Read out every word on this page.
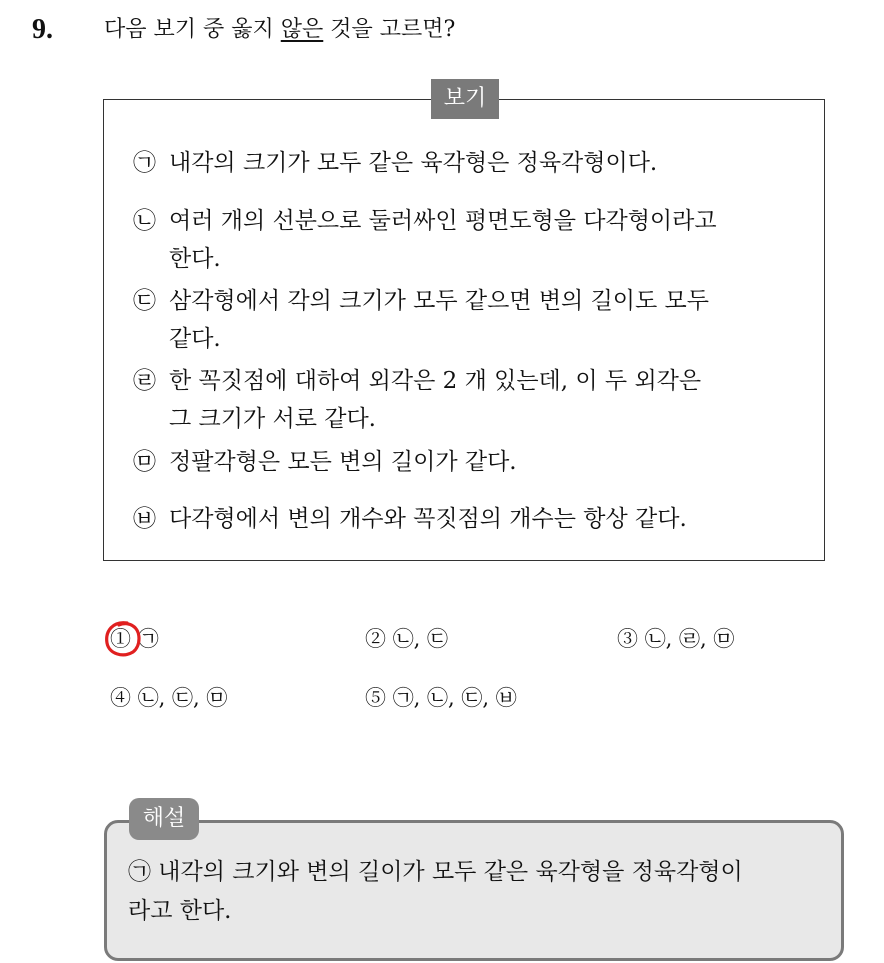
9. 다음 보기 중 옳지 않은 것을 고르면?
보기
㉠ 내각의 크기가 모두 같은 육각형은 정육각형이다.
㉡ 여러 개의 선분으로 둘러싸인 평면도형을 다각형이라고
한다.
㉢ 삼각형에서 각의 크기가 모두 같으면 변의 길이도 모두
같다.
㉣ 한 꼭짓점에 대하여 외각은 2 개 있는데, 이 두 외각은
그 크기가 서로 같다.
㉤ 정팔각형은 모든 변의 길이가 같다.
㉥ 다각형에서 변의 개수와 꼭짓점의 개수는 항상 같다.
① ㉠	② ㉡, ㉢	③ ㉡, ㉣, ㉤
④ ㉡, ㉢, ㉤	⑤ ㉠, ㉡, ㉢, ㉥
해설
㉠ 내각의 크기와 변의 길이가 모두 같은 육각형을 정육각형이
라고 한다.
